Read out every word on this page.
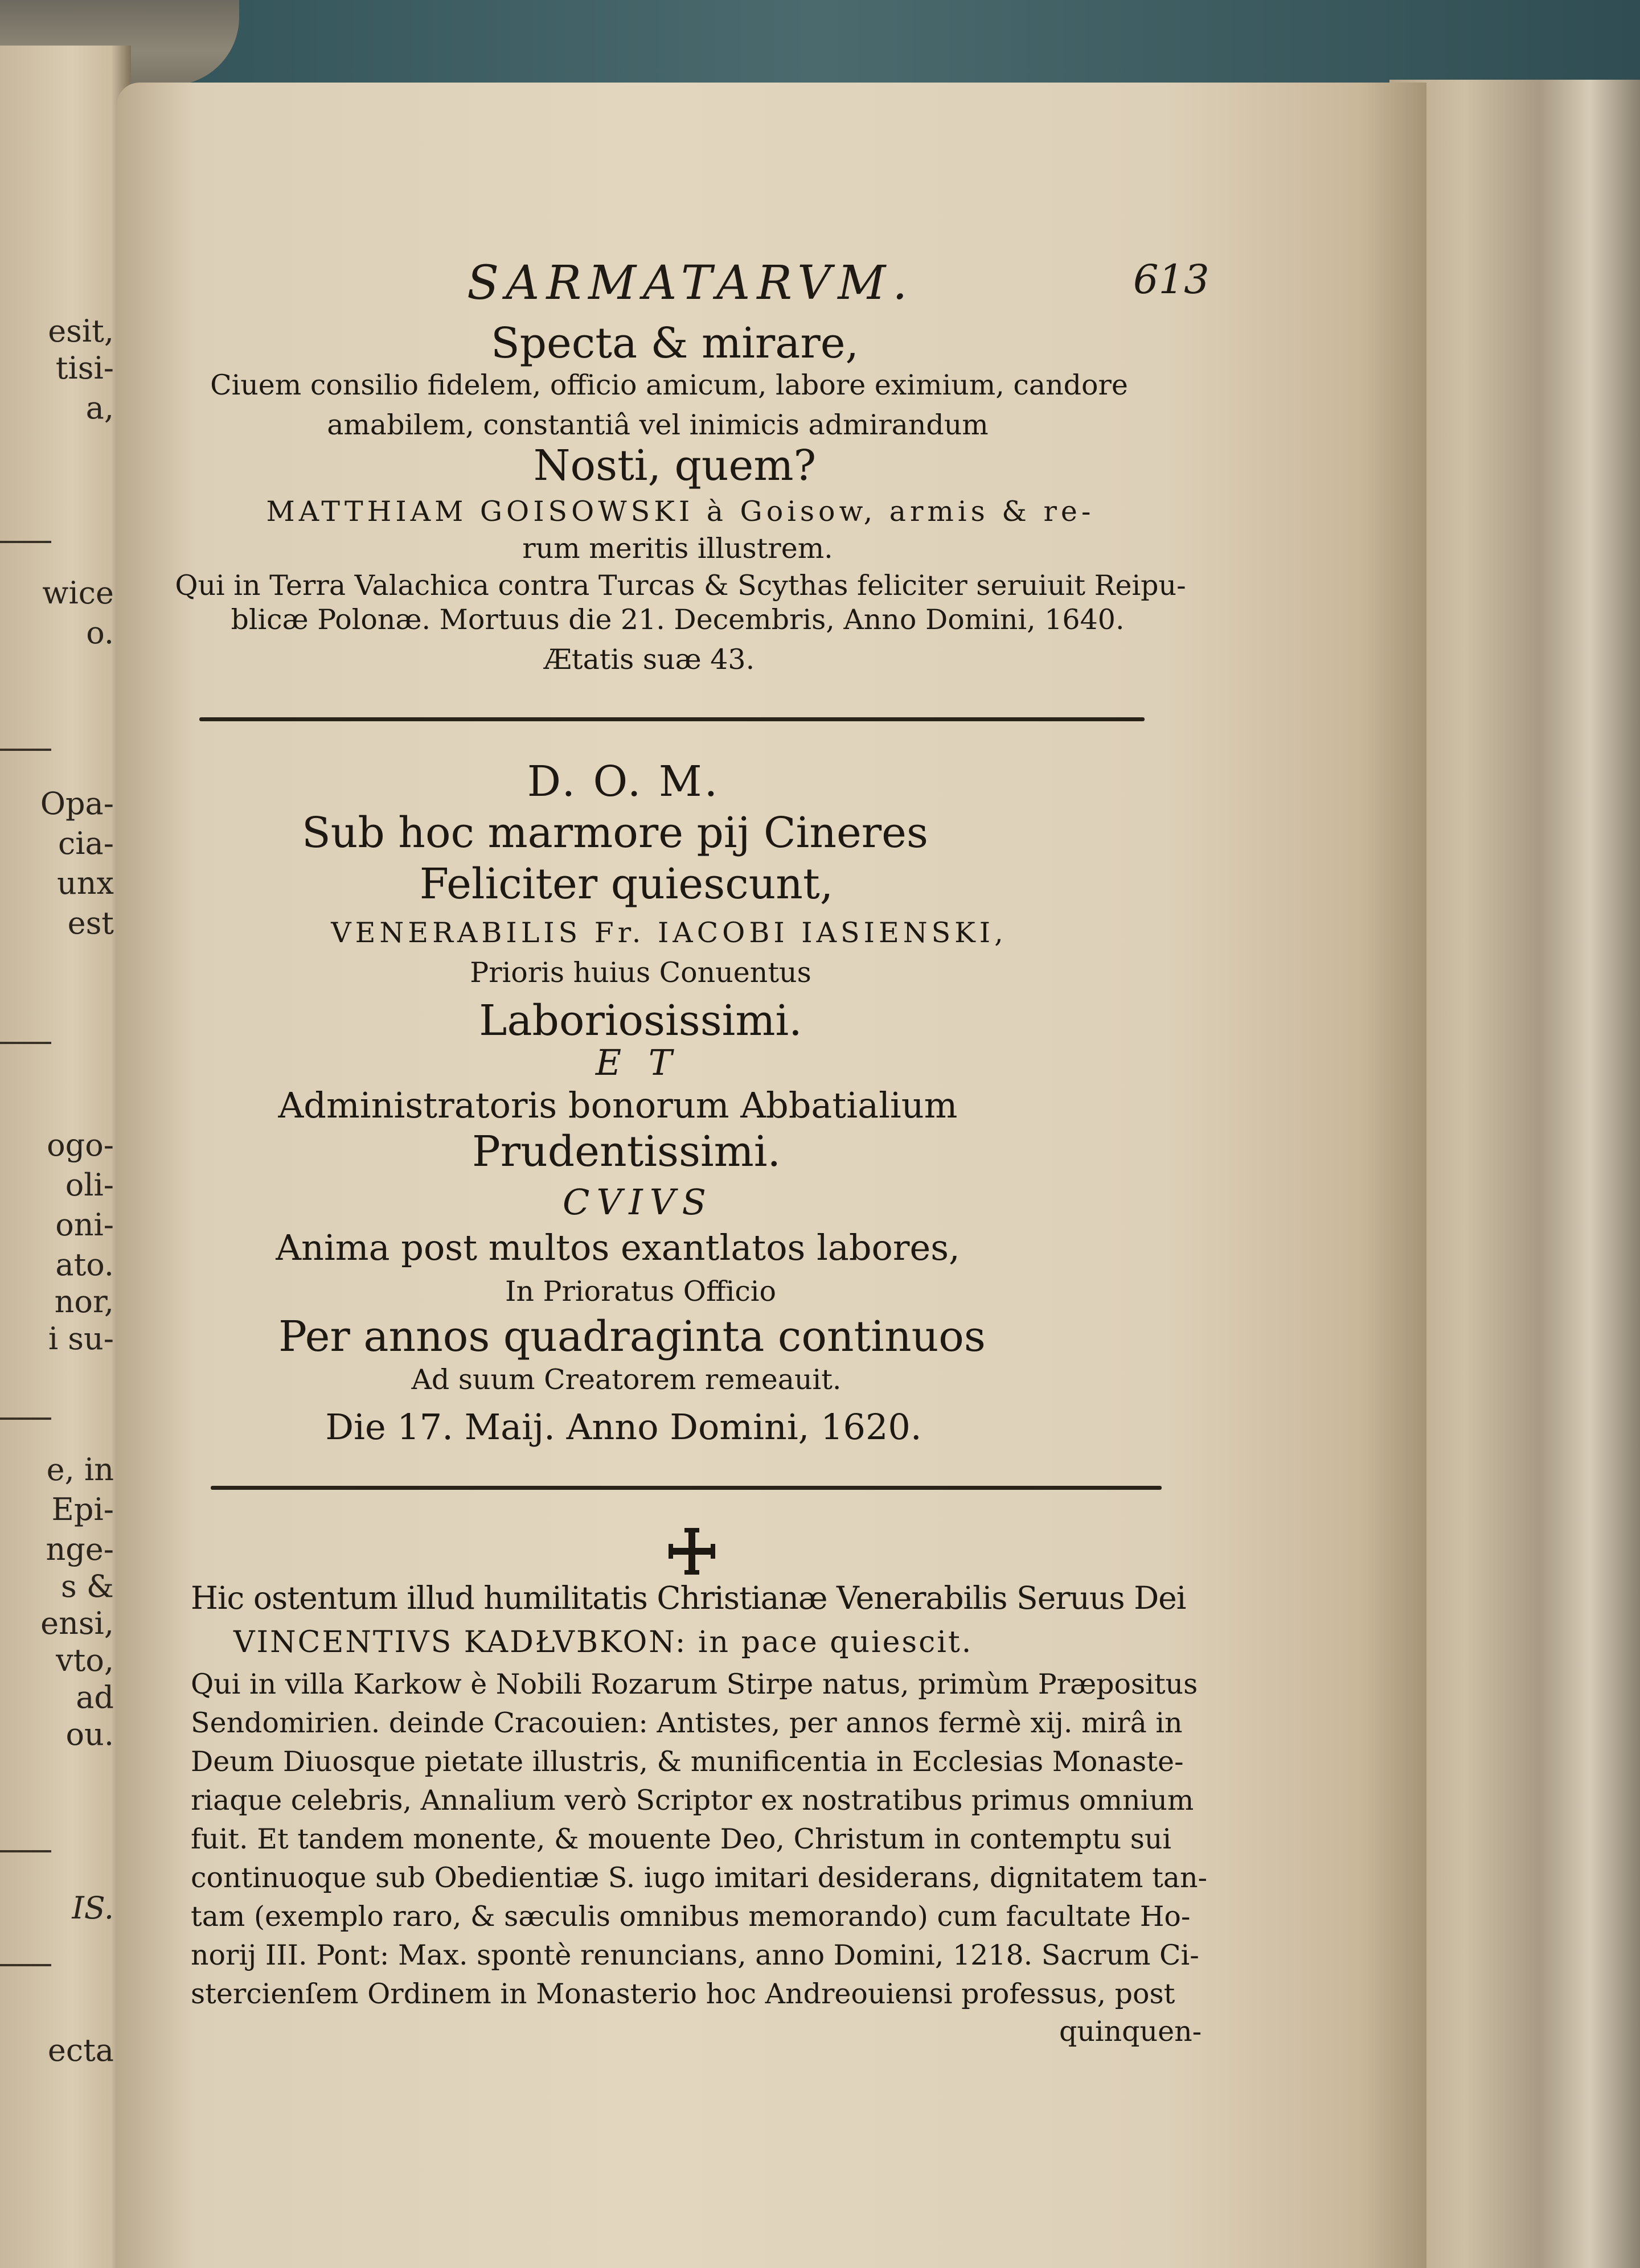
esit,
tisi-
a,
wice
o.
Opa-
cia-
unx
est
ogo-
oli-
oni-
ato.
nor,
i su-
e, in
Epi-
nge-
s &
ensi,
vto,
ad
ou.
IS.
ecta
SARMATARVM.	613
Specta & mirare,
Ciuem consilio fidelem, officio amicum, labore eximium, candore
amabilem, constantiâ vel inimicis admirandum
Nosti, quem?
MATTHIAM GOISOWSKI à Goisow, armis & re-
rum meritis illustrem.
Qui in Terra Valachica contra Turcas & Scythas feliciter seruiuit Reipu-
blicæ Polonæ. Mortuus die 21. Decembris, Anno Domini, 1640.
Ætatis suæ 43.
D. O. M.
Sub hoc marmore pij Cineres
Feliciter quiescunt,
VENERABILIS Fr. IACOBI IASIENSKI,
Prioris huius Conuentus
Laboriosissimi.
E T
Administratoris bonorum Abbatialium
Prudentissimi.
CVIVS
Anima post multos exantlatos labores,
In Prioratus Officio
Per annos quadraginta continuos
Ad suum Creatorem remeauit.
Die 17. Maij. Anno Domini, 1620.
Hic ostentum illud humilitatis Christianæ Venerabilis Seruus Dei
VINCENTIVS KADŁVBKON: in pace quiescit.
Qui in villa Karkow è Nobili Rozarum Stirpe natus, primùm Præpositus
Sendomirien. deinde Cracouien: Antistes, per annos fermè xij. mirâ in
Deum Diuosque pietate illustris, & munificentia in Ecclesias Monaste-
riaque celebris, Annalium verò Scriptor ex nostratibus primus omnium
fuit. Et tandem monente, & mouente Deo, Christum in contemptu sui
continuoque sub Obedientiæ S. iugo imitari desiderans, dignitatem tan-
tam (exemplo raro, & sæculis omnibus memorando) cum facultate Ho-
norij III. Pont: Max. spontè renuncians, anno Domini, 1218. Sacrum Ci-
stercienſem Ordinem in Monasterio hoc Andreouiensi professus, post
quinquen-
